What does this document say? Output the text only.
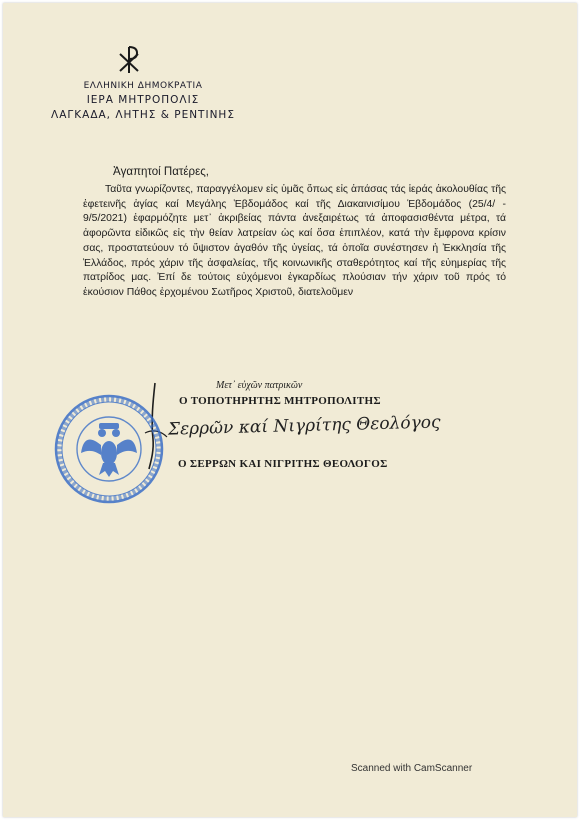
ΕΛΛΗΝΙΚΗ ΔΗΜΟΚΡΑΤΙΑ
ΙΕΡΑ ΜΗΤΡΟΠΟΛΙΣ
ΛΑΓΚΑΔΑ, ΛΗΤΗΣ & ΡΕΝΤΙΝΗΣ
Ἀγαπητοί Πατέρες,
Ταῦτα γνωρίζοντες, παραγγέλομεν εἰς ὑμᾶς ὅπως εἰς ἁπάσας τάς ἱεράς ἀκολουθίας τῆς ἐφετεινῆς ἁγίας καί Μεγάλης Ἑβδομάδος καί τῆς Διακαινισίμου Ἑβδομάδος (25/4/ - 9/5/2021) ἐφαρμόζητε μετ᾽ ἀκριβείας πάντα ἀνεξαιρέτως τά ἀποφασισθέντα μέτρα, τά ἀφορῶντα εἰδικῶς εἰς τὴν θείαν λατρείαν ὡς καί ὅσα ἐπιπλέον, κατά τὴν ἔμφρονα κρίσιν σας, προστατεύουν τό ὕψιστον ἀγαθόν τῆς ὑγείας, τά ὁποῖα συνέστησεν ἡ Ἐκκλησία τῆς Ἑλλάδος, πρός χάριν τῆς ἀσφαλείας, τῆς κοινωνικῆς σταθερότητος καί τῆς εὐημερίας τῆς πατρίδος μας. Ἐπί δε τούτοις εὐχόμενοι ἐγκαρδίως πλούσιαν τήν χάριν τοῦ πρός τό ἑκούσιον Πάθος ἐρχομένου Σωτῆρος Χριστοῦ, διατελοῦμεν
Μετ᾽ εὐχῶν πατρικῶν
Ο ΤΟΠΟΤΗΡΗΤΗΣ ΜΗΤΡΟΠΟΛΙΤΗΣ
Σερρῶν καί Νιγρίτης Θεολόγος
Ο ΣΕΡΡΩΝ ΚΑΙ ΝΙΓΡΙΤΗΣ ΘΕΟΛΟΓΟΣ
Scanned with CamScanner
